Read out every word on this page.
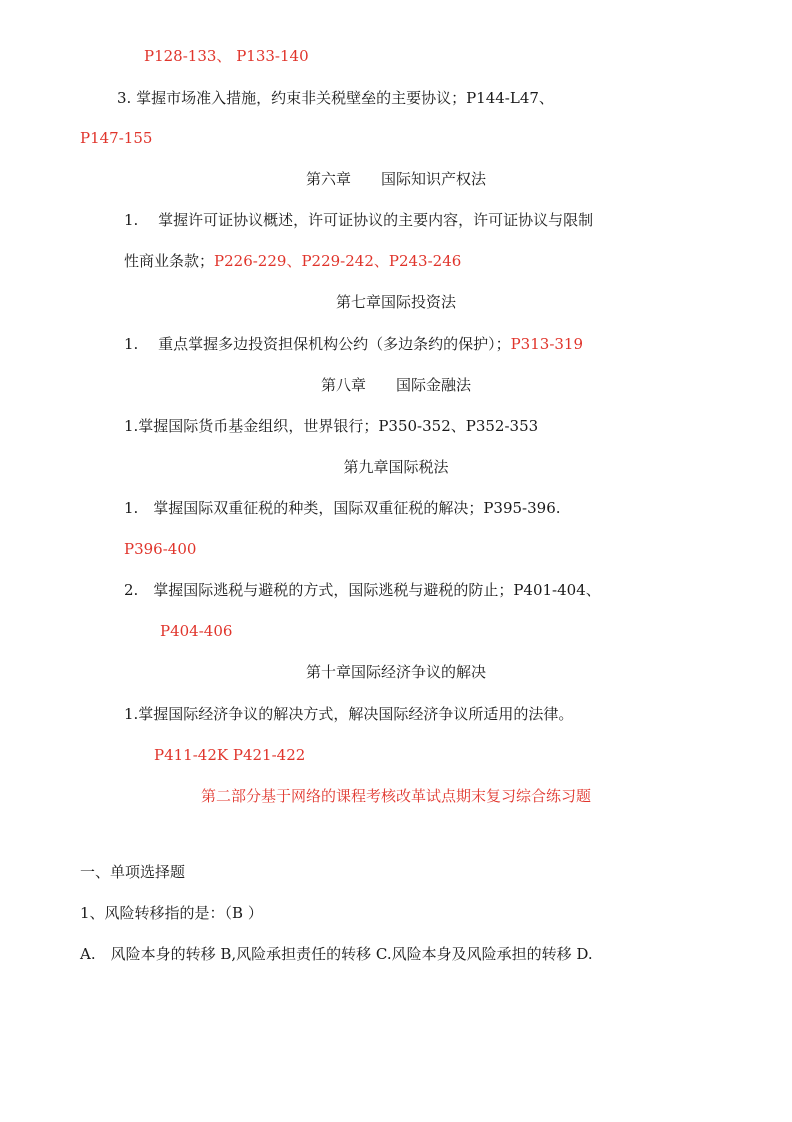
P128-133、 P133-140
3. 掌握市场准入措施，约束非关税壁垒的主要协议；P144-L47、
P147-155
第六章　　国际知识产权法
1.　 掌握许可证协议概述，许可证协议的主要内容，许可证协议与限制
性商业条款；P226-229、P229-242、P243-246
第七章国际投资法
1.　 重点掌握多边投资担保机构公约（多边条约的保护）；P313-319
第八章　　国际金融法
1.掌握国际货币基金组织，世界银行；P350-352、P352-353
第九章国际税法
1.　掌握国际双重征税的种类，国际双重征税的解决；P395-396.
P396-400
2.　掌握国际逃税与避税的方式，国际逃税与避税的防止；P401-404、
P404-406
第十章国际经济争议的解决
1.掌握国际经济争议的解决方式，解决国际经济争议所适用的法律。
P411-42K P421-422
第二部分基于网络的课程考核改革试点期末复习综合练习题
一、单项选择题
1、风险转移指的是：（B ）
A.　风险本身的转移 B,风险承担责任的转移 C.风险本身及风险承担的转移 D.
